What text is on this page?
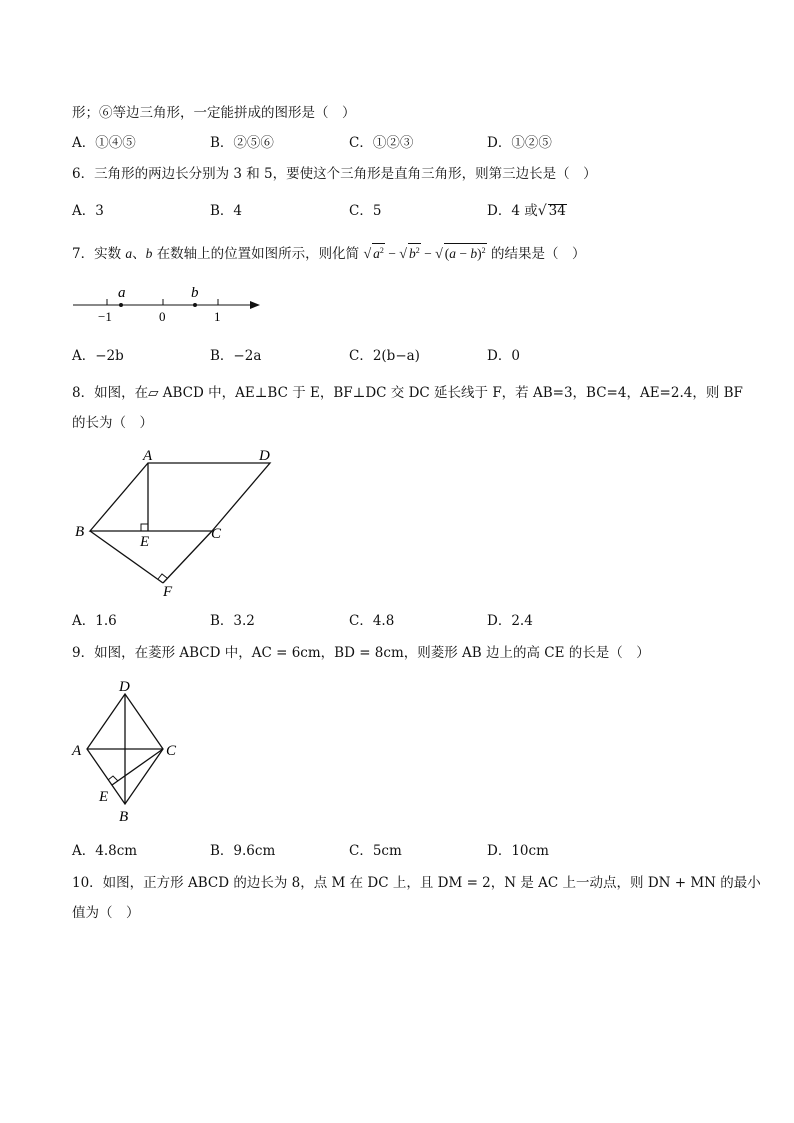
形；⑥等边三角形，一定能拼成的图形是（　）
A．①④⑤	B．②⑤⑥	C．①②③	D．①②⑤
6．三角形的两边长分别为 3 和 5，要使这个三角形是直角三角形，则第三边长是（　）
A．3	B．4	C．5	D．4 或√ 34
7．实数 a、b 在数轴上的位置如图所示，则化简 √ $a^2$ − √ $b^2$ − √ $(a - b)^2$ 的结果是（　）
a	b
−1	0	1
A．−2b	B．−2a	C．2(b−a)	D．0
8．如图，在▱ ABCD 中，AE⊥BC 于 E，BF⊥DC 交 DC 延长线于 F，若 AB=3，BC=4，AE=2.4，则 BF
的长为（　）
A	D
B	C
E
F
A．1.6	B．3.2	C．4.8	D．2.4
9．如图，在菱形 ABCD 中，AC = 6cm，BD = 8cm，则菱形 AB 边上的高 CE 的长是（　）
D
A	C
E
B
A．4.8cm	B．9.6cm	C．5cm	D．10cm
10．如图，正方形 ABCD 的边长为 8，点 M 在 DC 上，且 DM = 2，N 是 AC 上一动点，则 DN + MN 的最小
值为（　）
